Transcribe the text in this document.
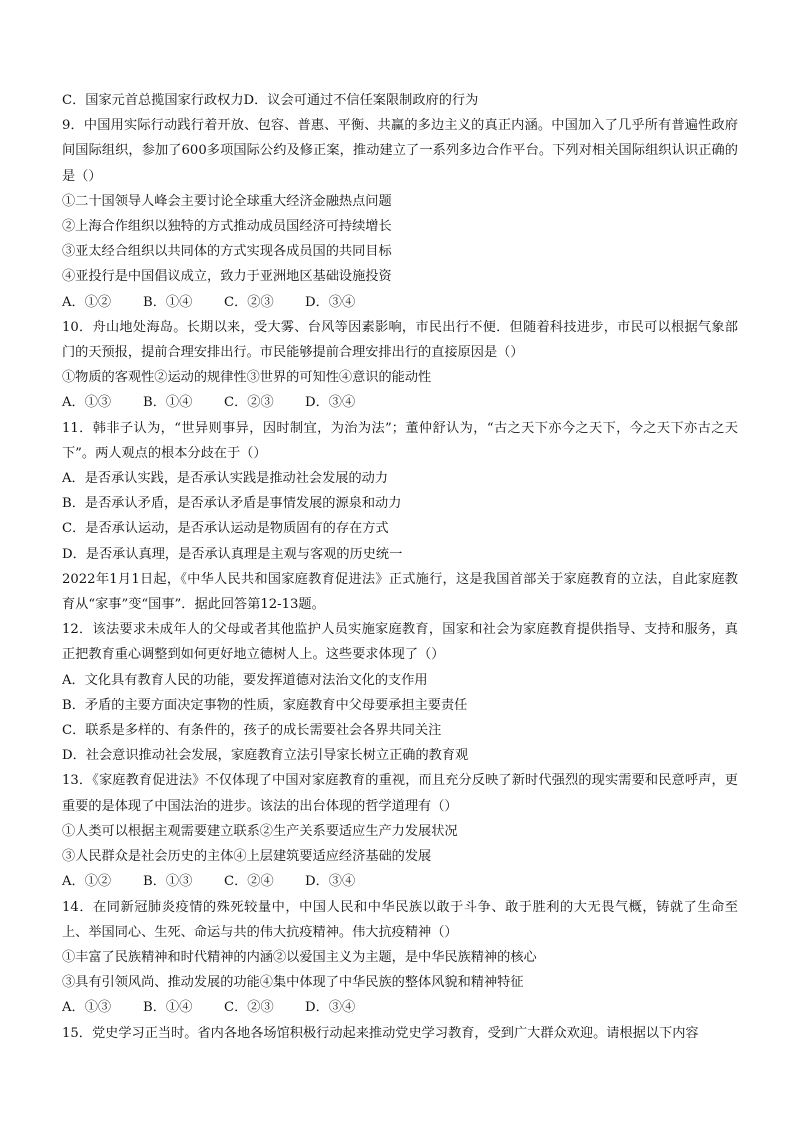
C．国家元首总揽国家行政权力D．议会可通过不信任案限制政府的行为
9．中国用实际行动践行着开放、包容、普惠、平衡、共赢的多边主义的真正内涵。中国加入了几乎所有普遍性政府间国际组织，参加了600多项国际公约及修正案，推动建立了一系列多边合作平台。下列对相关国际组织认识正确的是（）
①二十国领导人峰会主要讨论全球重大经济金融热点问题
②上海合作组织以独特的方式推动成员国经济可持续增长
③亚太经合组织以共同体的方式实现各成员国的共同目标
④亚投行是中国倡议成立，致力于亚洲地区基础设施投资
A．①② B．①④ C．②③ D．③④
10．舟山地处海岛。长期以来，受大雾、台风等因素影响，市民出行不便．但随着科技进步，市民可以根据气象部门的天预报，提前合理安排出行。市民能够提前合理安排出行的直接原因是（）
①物质的客观性②运动的规律性③世界的可知性④意识的能动性
A．①③ B．①④ C．②③ D．③④
11．韩非子认为，“世异则事异，因时制宜，为治为法”；董仲舒认为，“古之天下亦今之天下，今之天下亦古之天下”。两人观点的根本分歧在于（）
A．是否承认实践，是否承认实践是推动社会发展的动力
B．是否承认矛盾，是否承认矛盾是事情发展的源泉和动力
C．是否承认运动，是否承认运动是物质固有的存在方式
D．是否承认真理，是否承认真理是主观与客观的历史统一
2022年1月1日起，《中华人民共和国家庭教育促进法》正式施行，这是我国首部关于家庭教育的立法，自此家庭教育从“家事”变“国事”．据此回答第12-13题。
12．该法要求未成年人的父母或者其他监护人员实施家庭教育，国家和社会为家庭教育提供指导、支持和服务，真正把教育重心调整到如何更好地立德树人上。这些要求体现了（）
A．文化具有教育人民的功能，要发挥道德对法治文化的支作用
B．矛盾的主要方面决定事物的性质，家庭教育中父母要承担主要责任
C．联系是多样的、有条件的，孩子的成长需要社会各界共同关注
D．社会意识推动社会发展，家庭教育立法引导家长树立正确的教育观
13．《家庭教育促进法》不仅体现了中国对家庭教育的重视，而且充分反映了新时代强烈的现实需要和民意呼声，更重要的是体现了中国法治的进步。该法的出台体现的哲学道理有（）
①人类可以根据主观需要建立联系②生产关系要适应生产力发展状况
③人民群众是社会历史的主体④上层建筑要适应经济基础的发展
A．①② B．①③ C．②④ D．③④
14．在同新冠肺炎疫情的殊死较量中，中国人民和中华民族以敢于斗争、敢于胜利的大无畏气概，铸就了生命至上、举国同心、生死、命运与共的伟大抗疫精神。伟大抗疫精神（）
①丰富了民族精神和时代精神的内涵②以爱国主义为主题，是中华民族精神的核心
③具有引领风尚、推动发展的功能④集中体现了中华民族的整体风貌和精神特征
A．①③ B．①④ C．②③ D．③④
15．党史学习正当时。省内各地各场馆积极行动起来推动党史学习教育，受到广大群众欢迎。请根据以下内容
